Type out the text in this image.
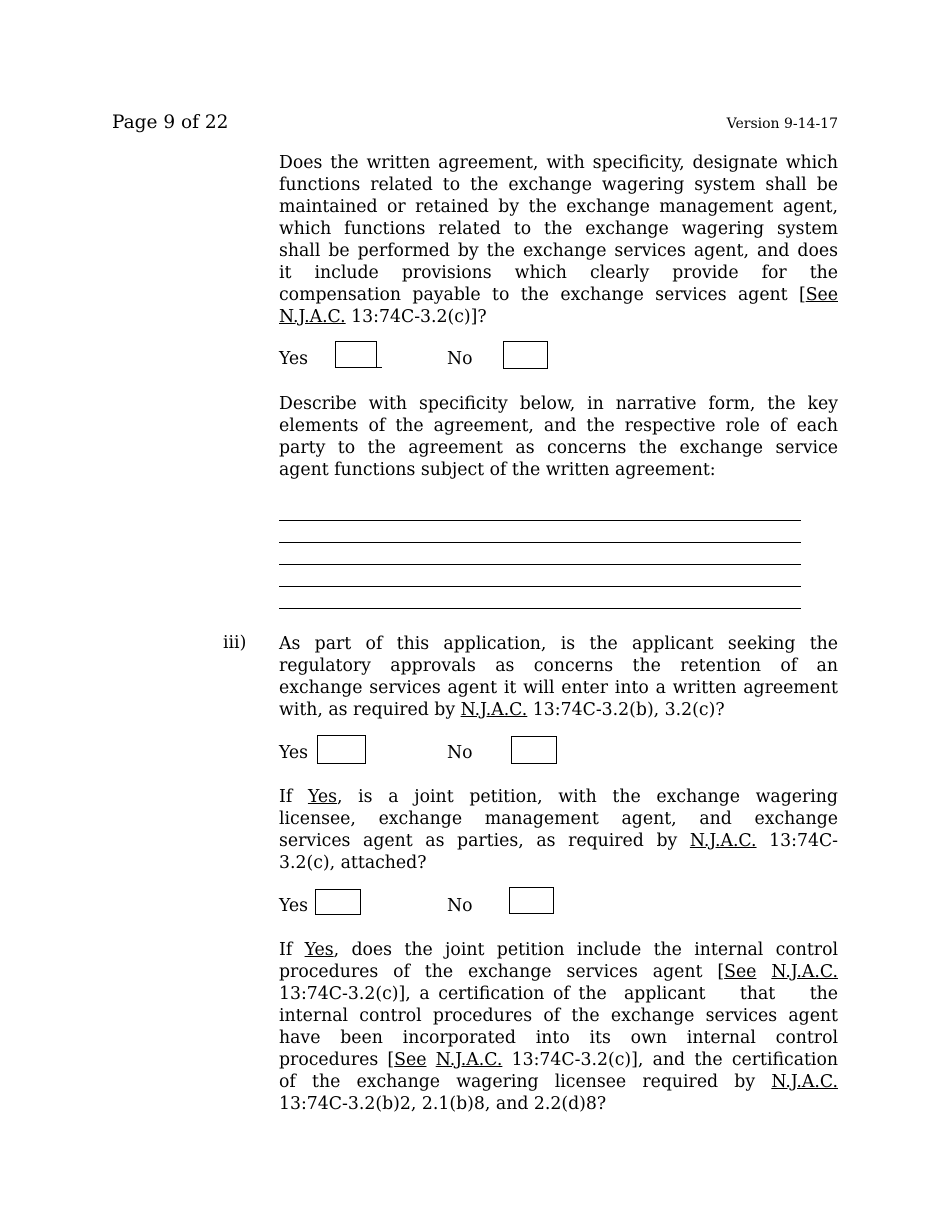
Page 9 of 22	Version 9-14-17
Does the written agreement, with specificity, designate which
functions related to the exchange wagering system shall be
maintained or retained by the exchange management agent,
which functions related to the exchange wagering system
shall be performed by the exchange services agent, and does
it include provisions which clearly provide for the
compensation payable to the exchange services agent [See
N.J.A.C. 13:74C-3.2(c)]?
Yes	No
Describe with specificity below, in narrative form, the key
elements of the agreement, and the respective role of each
party to the agreement as concerns the exchange service
agent functions subject of the written agreement:
iii) As part of this application, is the applicant seeking the
regulatory approvals as concerns the retention of an
exchange services agent it will enter into a written agreement
with, as required by N.J.A.C. 13:74C-3.2(b), 3.2(c)?
Yes	No
If Yes, is a joint petition, with the exchange wagering
licensee, exchange management agent, and exchange
services agent as parties, as required by N.J.A.C. 13:74C-
3.2(c), attached?
Yes	No
If Yes, does the joint petition include the internal control
procedures of the exchange services agent [See N.J.A.C.
13:74C-3.2(c)], a certification of the  applicant    that    the
internal control procedures of the exchange services agent
have been incorporated into its own internal control
procedures [See N.J.A.C. 13:74C-3.2(c)], and the certification
of the exchange wagering licensee required by N.J.A.C.
13:74C-3.2(b)2, 2.1(b)8, and 2.2(d)8?
